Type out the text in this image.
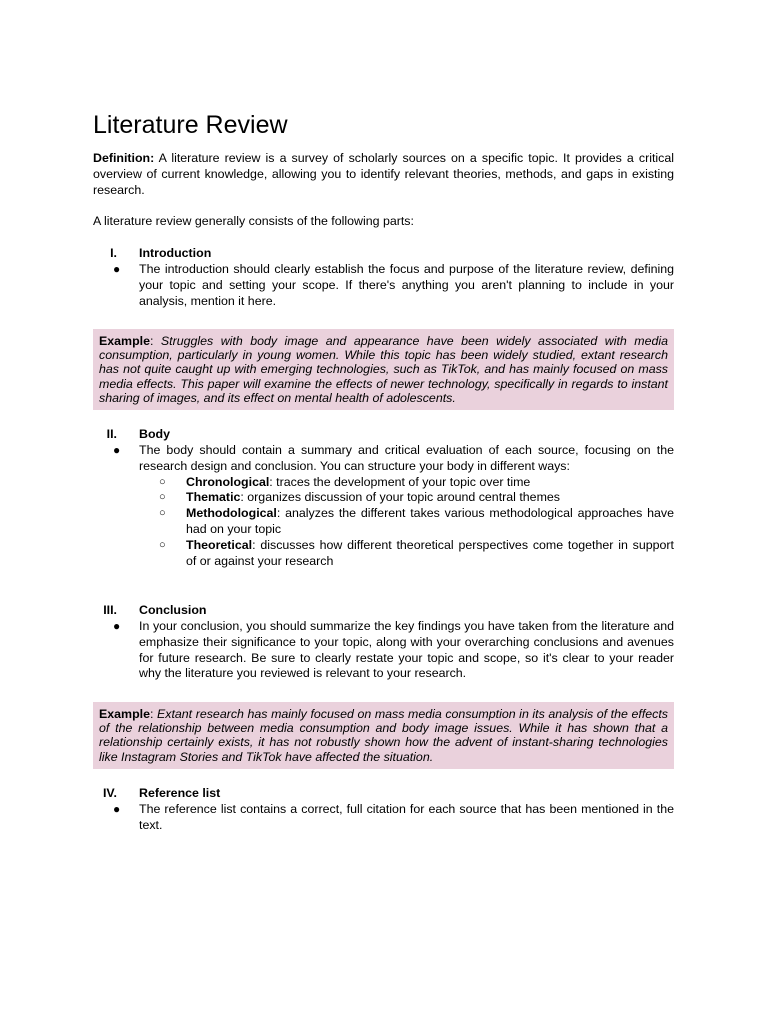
Literature Review

Definition: A literature review is a survey of scholarly sources on a specific topic. It provides a critical overview of current knowledge, allowing you to identify relevant theories, methods, and gaps in existing research.

A literature review generally consists of the following parts:

I. Introduction
● The introduction should clearly establish the focus and purpose of the literature review, defining your topic and setting your scope. If there's anything you aren't planning to include in your analysis, mention it here.
Example: Struggles with body image and appearance have been widely associated with media consumption, particularly in young women. While this topic has been widely studied, extant research has not quite caught up with emerging technologies, such as TikTok, and has mainly focused on mass media effects. This paper will examine the effects of newer technology, specifically in regards to instant sharing of images, and its effect on mental health of adolescents.
II. Body
● The body should contain a summary and critical evaluation of each source, focusing on the research design and conclusion. You can structure your body in different ways:
○ Chronological: traces the development of your topic over time
○ Thematic: organizes discussion of your topic around central themes
○ Methodological: analyzes the different takes various methodological approaches have had on your topic
○ Theoretical: discusses how different theoretical perspectives come together in support of or against your research
III. Conclusion
● In your conclusion, you should summarize the key findings you have taken from the literature and emphasize their significance to your topic, along with your overarching conclusions and avenues for future research. Be sure to clearly restate your topic and scope, so it's clear to your reader why the literature you reviewed is relevant to your research.
Example: Extant research has mainly focused on mass media consumption in its analysis of the effects of the relationship between media consumption and body image issues. While it has shown that a relationship certainly exists, it has not robustly shown how the advent of instant-sharing technologies like Instagram Stories and TikTok have affected the situation.
IV. Reference list
● The reference list contains a correct, full citation for each source that has been mentioned in the text.
